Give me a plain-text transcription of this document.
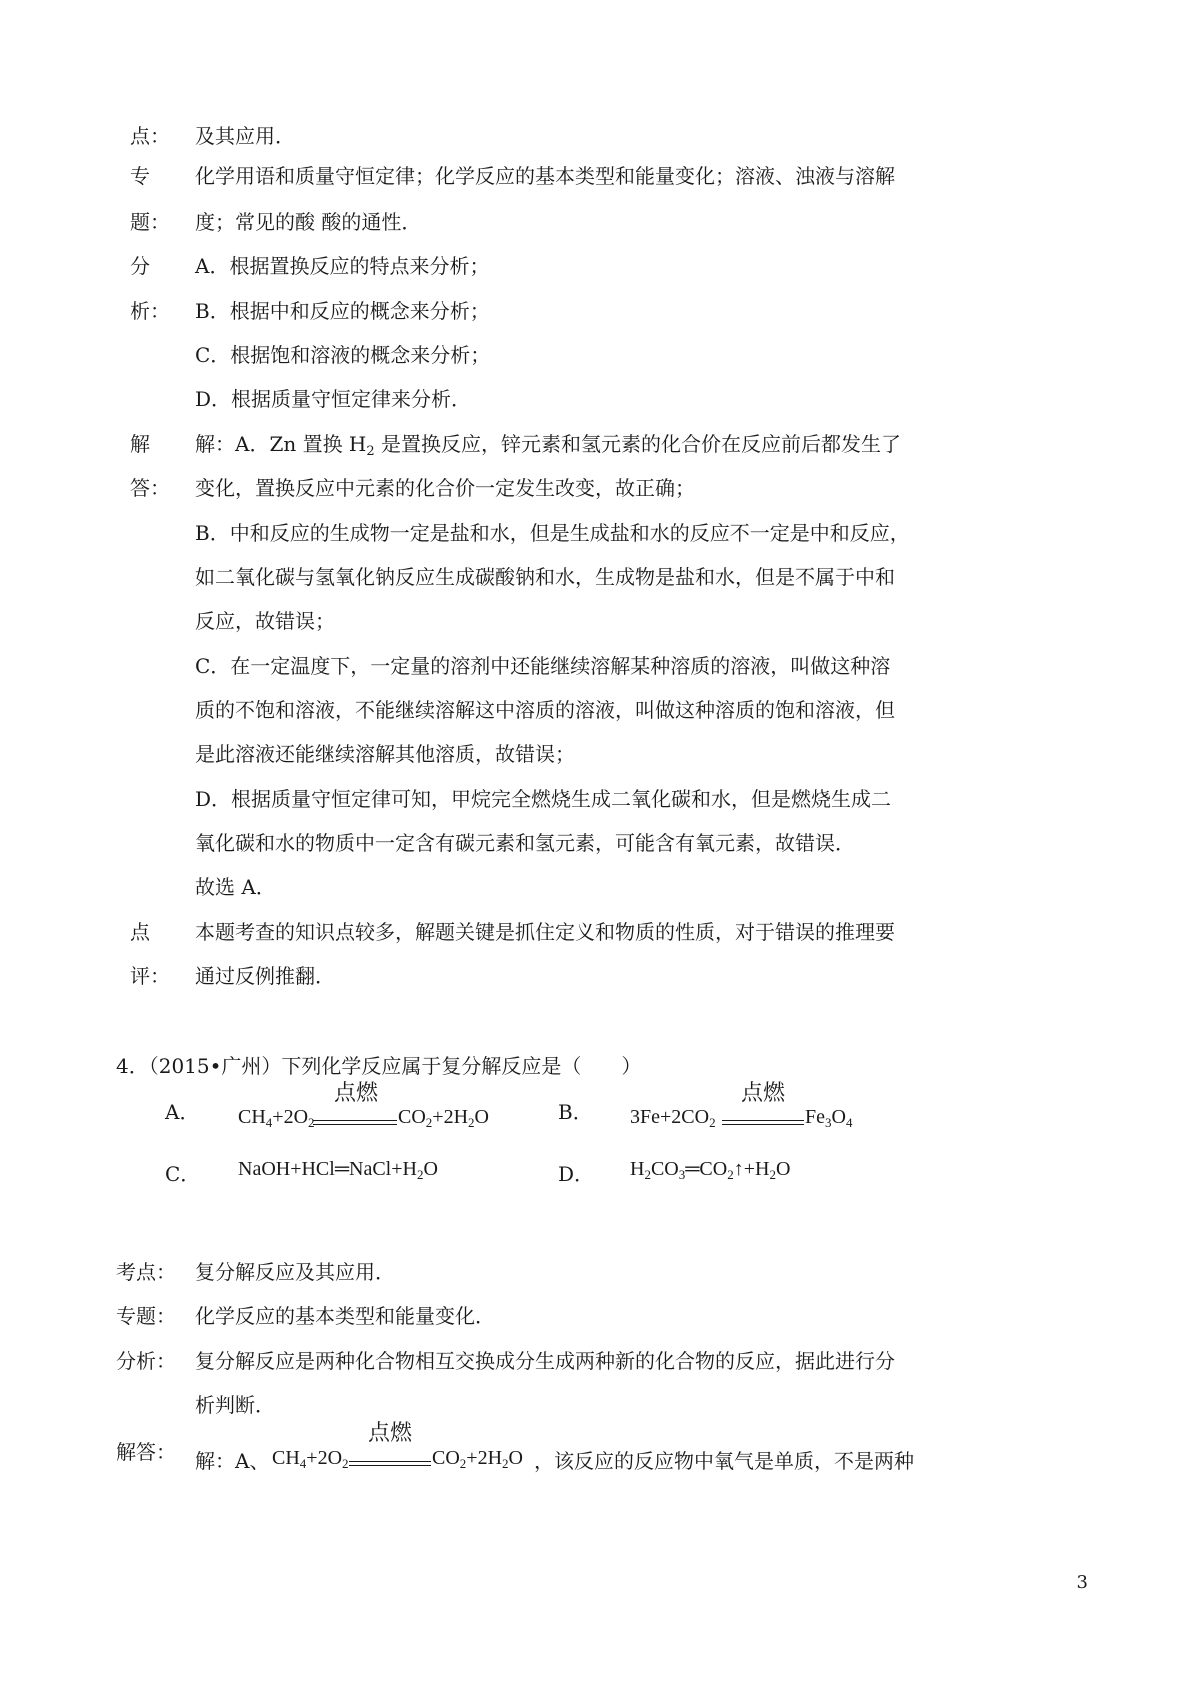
点： 及其应用．
专 化学用语和质量守恒定律；化学反应的基本类型和能量变化；溶液、浊液与溶解
题： 度；常见的酸 酸的通性．
分 A．根据置换反应的特点来分析；
析： B．根据中和反应的概念来分析；
C．根据饱和溶液的概念来分析；
D．根据质量守恒定律来分析．
解 解：A．Zn 置换 $H_2$ 是置换反应，锌元素和氢元素的化合价在反应前后都发生了
答： 变化，置换反应中元素的化合价一定发生改变，故正确；
B．中和反应的生成物一定是盐和水，但是生成盐和水的反应不一定是中和反应，
如二氧化碳与氢氧化钠反应生成碳酸钠和水，生成物是盐和水，但是不属于中和
反应，故错误；
C．在一定温度下，一定量的溶剂中还能继续溶解某种溶质的溶液，叫做这种溶
质的不饱和溶液，不能继续溶解这中溶质的溶液，叫做这种溶质的饱和溶液，但
是此溶液还能继续溶解其他溶质，故错误；
D．根据质量守恒定律可知，甲烷完全燃烧生成二氧化碳和水，但是燃烧生成二
氧化碳和水的物质中一定含有碳元素和氢元素，可能含有氧元素，故错误．
故选 A．
点 本题考查的知识点较多，解题关键是抓住定义和物质的性质，对于错误的推理要
评： 通过反例推翻．
4．（2015•广州）下列化学反应属于复分解反应是（　　）
A． $CH_4+2O_2$
点燃
$CO_2+2H_2O$	B． $3Fe+2CO_2$
点燃
$Fe_3O_4$
C． $NaOH+HCl═NaCl+H_2O$	D． $H_2CO_3═CO_2↑+H_2O$
考点： 复分解反应及其应用．
专题： 化学反应的基本类型和能量变化．
分析： 复分解反应是两种化合物相互交换成分生成两种新的化合物的反应，据此进行分
析判断．
解答： 解：A、 $CH_4+2O_2$
点燃
$CO_2+2H_2O$ ，该反应的反应物中氧气是单质，不是两种
3
